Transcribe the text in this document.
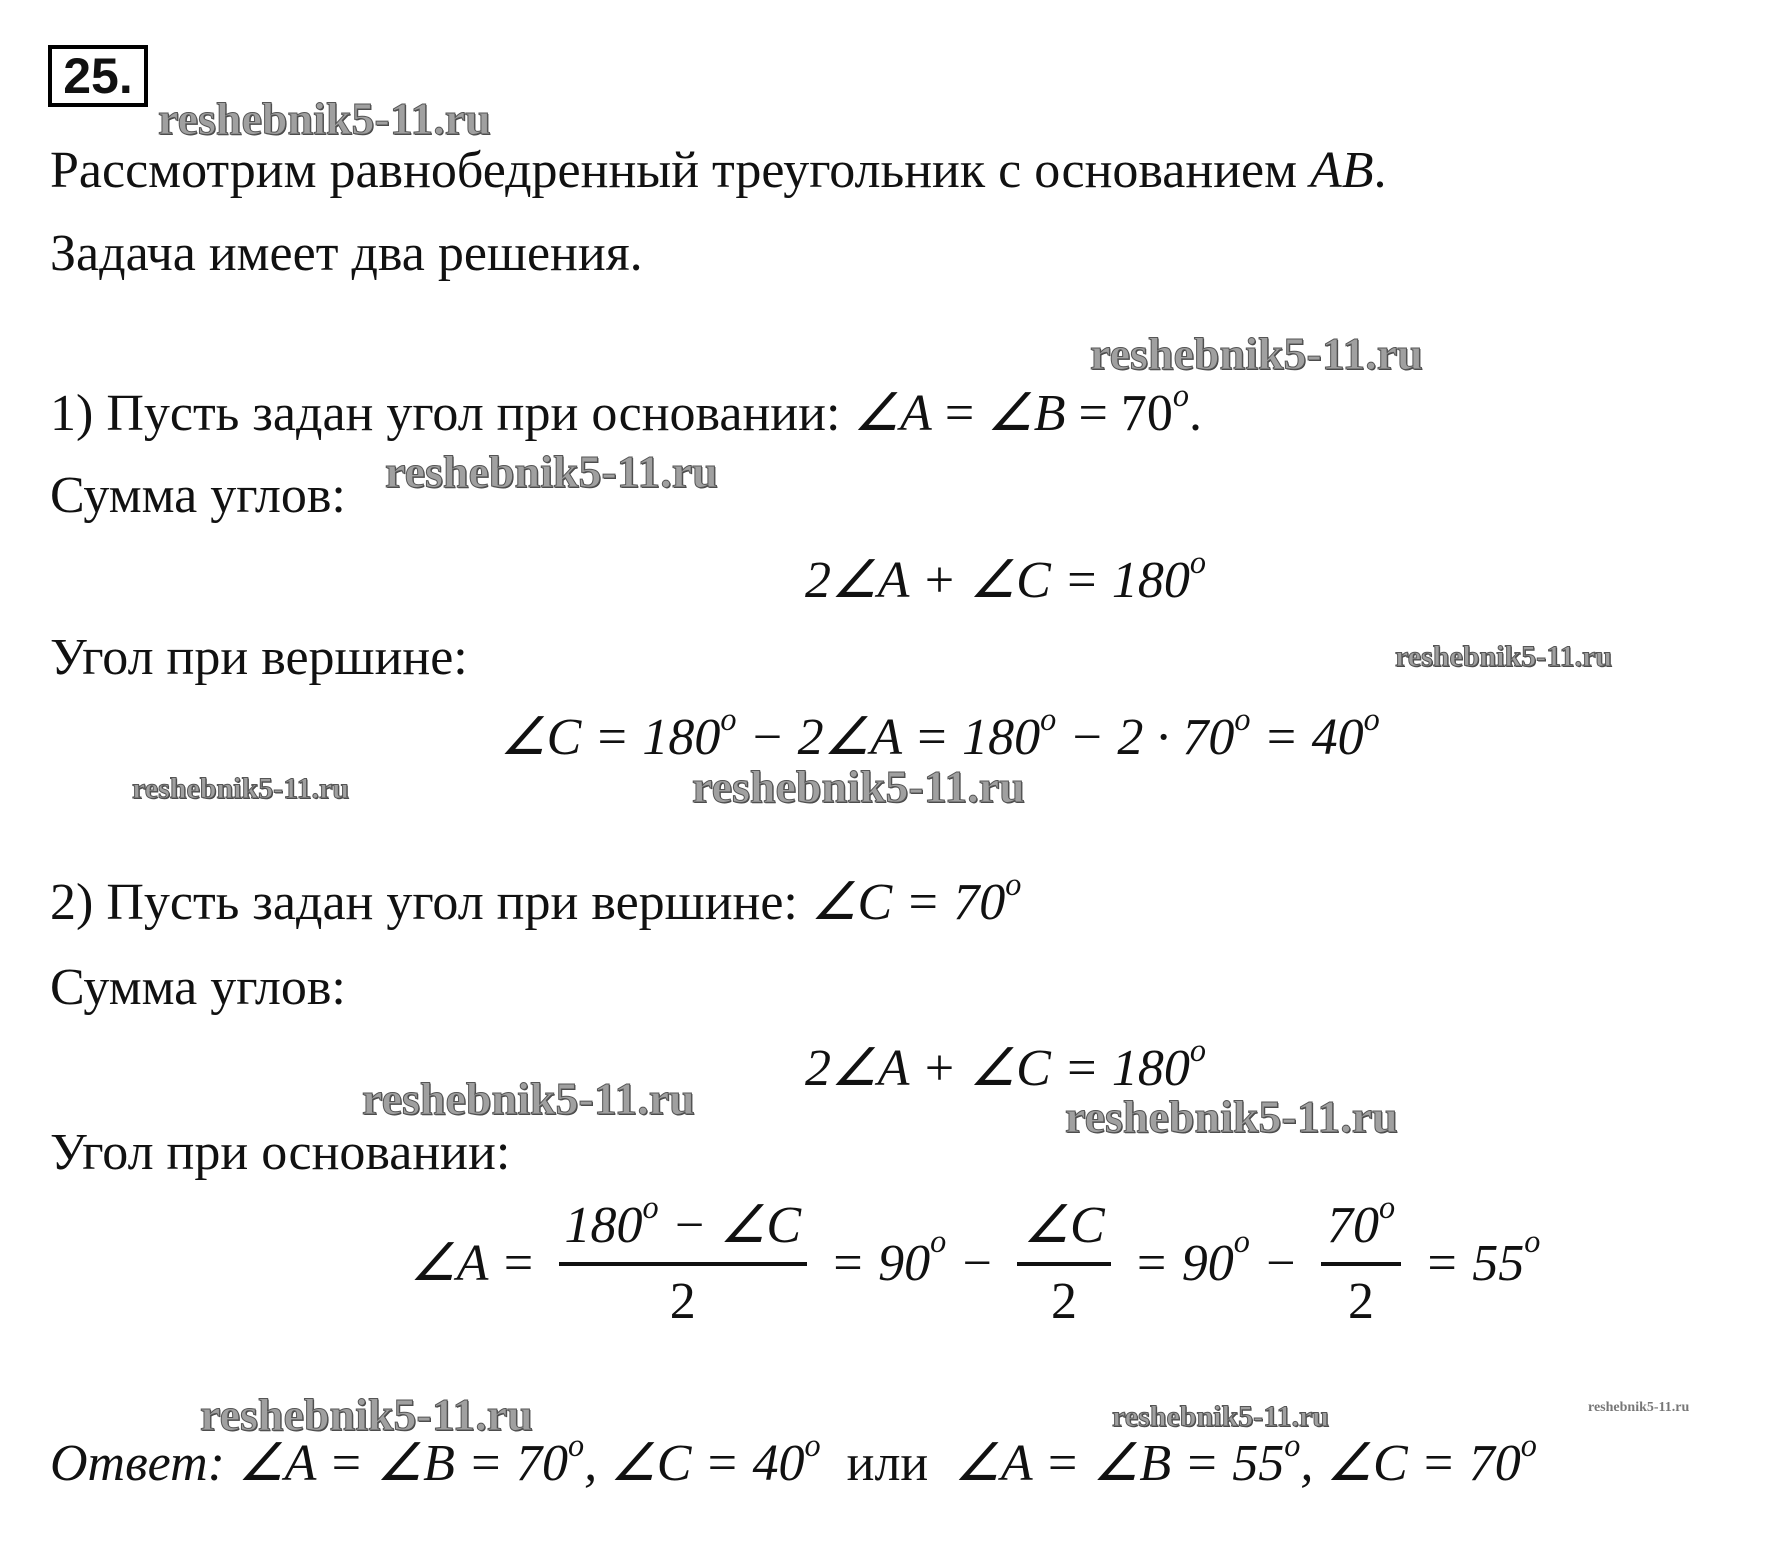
25.
reshebnik5-11.ru
reshebnik5-11.ru
reshebnik5-11.ru
reshebnik5-11.ru
reshebnik5-11.ru	reshebnik5-11.ru
reshebnik5-11.ru	reshebnik5-11.ru
reshebnik5-11.ru	reshebnik5-11.ru	reshebnik5-11.ru
Рассмотрим равнобедренный треугольник с основанием AB.
Задача имеет два решения.
1) Пусть задан угол при основании: ∠A = ∠B = $70^o$.
Сумма углов:
2∠A + ∠C = $180^o$
Угол при вершине:
∠C = $180^o$ − 2∠A = $180^o - 2 \cdot 70^o = 40^o$
2) Пусть задан угол при вершине: ∠C = $70^o$
Сумма углов:
2∠A + ∠C = $180^o$
Угол при основании:
∠A = $\frac{180^o - \angle C}{2} = 90^o - \frac{\angle C}{2} = 90^o - \frac{70^o}{2} = 55^o$
Ответ: ∠A = ∠B = $70^o$, ∠C = $40^o$  или  ∠A = ∠B = $55^o$, ∠C = $70^o$
